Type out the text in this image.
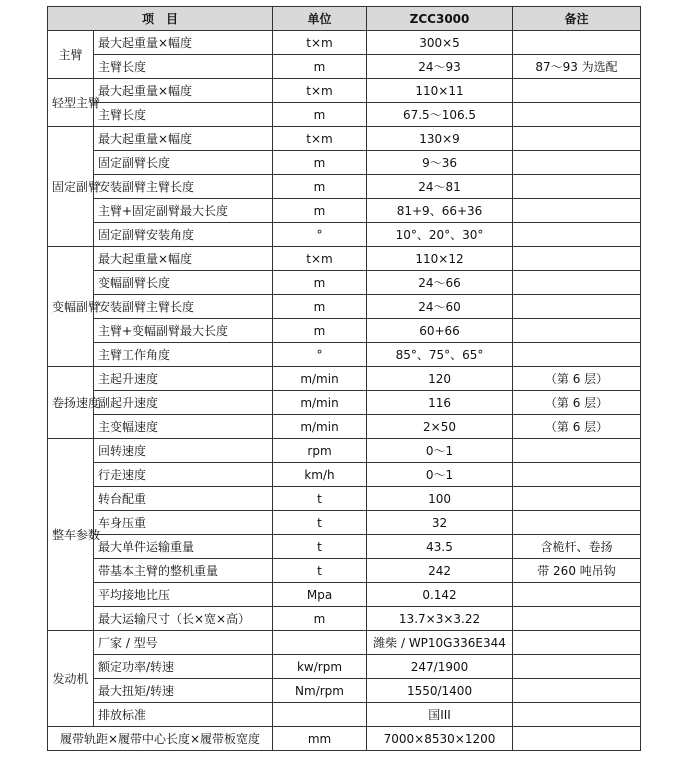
项　目		单位	ZCC3000	备注
主臂	最大起重量×幅度	t×m	300×5	
	主臂长度	m	24～93	87～93 为选配
轻型主臂	最大起重量×幅度	t×m	110×11	
	主臂长度	m	67.5～106.5	
固定副臂	最大起重量×幅度	t×m	130×9	
	固定副臂长度	m	9～36	
	安装副臂主臂长度	m	24～81	
	主臂+固定副臂最大长度	m	81+9、66+36	
	固定副臂安装角度	°	10°、20°、30°	
变幅副臂	最大起重量×幅度	t×m	110×12	
	变幅副臂长度	m	24～66	
	安装副臂主臂长度	m	24～60	
	主臂+变幅副臂最大长度	m	60+66	
	主臂工作角度	°	85°、75°、65°	
卷扬速度	主起升速度	m/min	120	（第 6 层）
	副起升速度	m/min	116	（第 6 层）
	主变幅速度	m/min	2×50	（第 6 层）
整车参数	回转速度	rpm	0～1	
	行走速度	km/h	0～1	
	转台配重	t	100	
	车身压重	t	32	
	最大单件运输重量	t	43.5	含桅杆、卷扬
	带基本主臂的整机重量	t	242	带 260 吨吊钩
	平均接地比压	Mpa	0.142	
	最大运输尺寸（长×宽×高）	m	13.7×3×3.22	
发动机	厂家 / 型号		潍柴 / WP10G336E344	
	额定功率/转速	kw/rpm	247/1900	
	最大扭矩/转速	Nm/rpm	1550/1400	
	排放标准		国III	
履带轨距×履带中心长度×履带板宽度		mm	7000×8530×1200	
